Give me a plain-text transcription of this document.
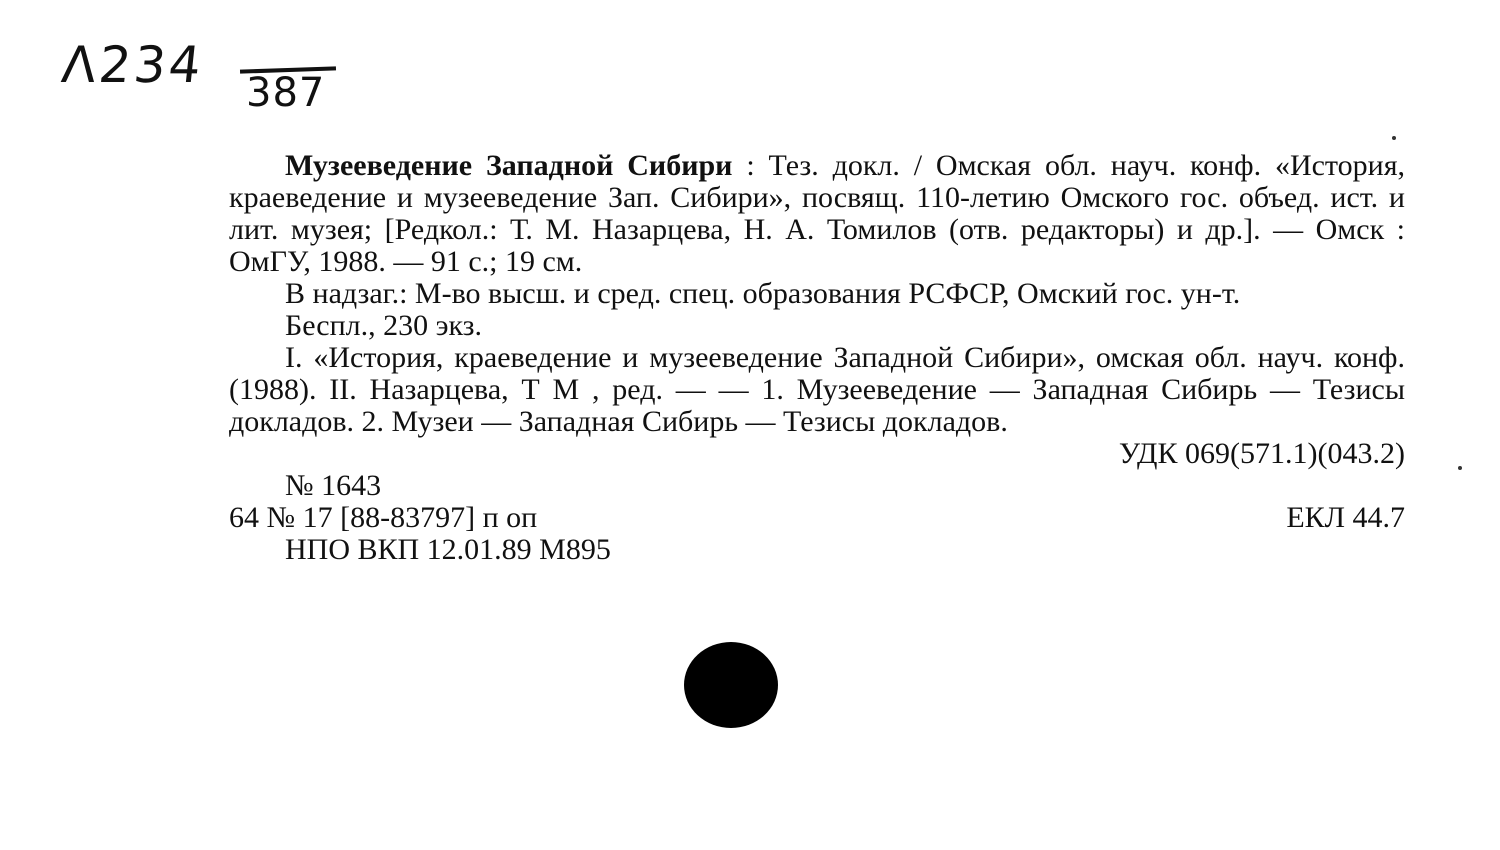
Λ234 387

Музееведение Западной Сибири : Тез. докл. / Омская обл. науч. конф. «История, краеведение и музееведение Зап. Сибири», посвящ. 110-летию Омского гос. объед. ист. и лит. музея; [Редкол.: Т. М. Назарцева, Н. А. Томилов (отв. редакторы) и др.]. — Омск : ОмГУ, 1988. — 91 с.; 19 см.

В надзаг.: М-во высш. и сред. спец. образования РСФСР, Омский гос. ун-т.

Беспл., 230 экз.

I. «История, краеведение и музееведение Западной Сибири», омская обл. науч. конф. (1988). II. Назарцева, Т М , ред. — — 1. Музееведение — Западная Сибирь — Тезисы докладов. 2. Музеи — Западная Сибирь — Тезисы докладов.

УДК 069(571.1)(043.2)

№ 1643

64 № 17 [88-83797] п оп	ЕКЛ 44.7

НПО ВКП 12.01.89 М895
